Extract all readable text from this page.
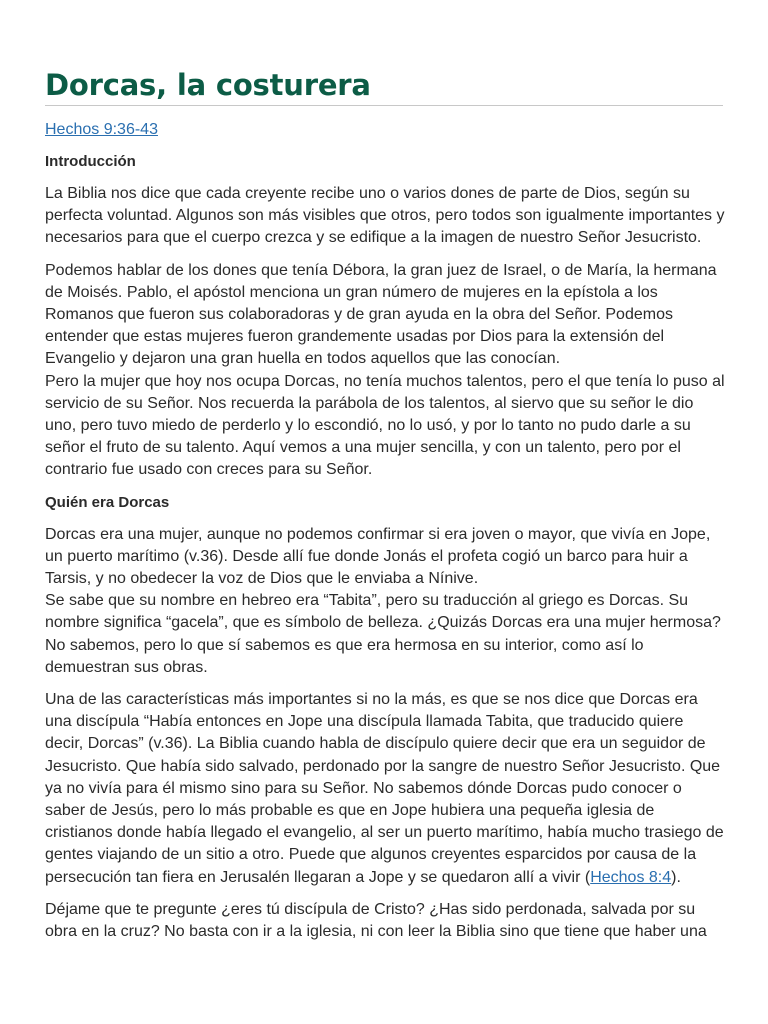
Dorcas, la costurera
Hechos 9:36-43
Introducción

La Biblia nos dice que cada creyente recibe uno o varios dones de parte de Dios, según su perfecta voluntad. Algunos son más visibles que otros, pero todos son igualmente importantes y necesarios para que el cuerpo crezca y se edifique a la imagen de nuestro Señor Jesucristo.

Podemos hablar de los dones que tenía Débora, la gran juez de Israel, o de María, la hermana de Moisés. Pablo, el apóstol menciona un gran número de mujeres en la epístola a los Romanos que fueron sus colaboradoras y de gran ayuda en la obra del Señor. Podemos entender que estas mujeres fueron grandemente usadas por Dios para la extensión del Evangelio y dejaron una gran huella en todos aquellos que las conocían.
Pero la mujer que hoy nos ocupa Dorcas, no tenía muchos talentos, pero el que tenía lo puso al servicio de su Señor. Nos recuerda la parábola de los talentos, al siervo que su señor le dio uno, pero tuvo miedo de perderlo y lo escondió, no lo usó, y por lo tanto no pudo darle a su señor el fruto de su talento. Aquí vemos a una mujer sencilla, y con un talento, pero por el contrario fue usado con creces para su Señor.

Quién era Dorcas

Dorcas era una mujer, aunque no podemos confirmar si era joven o mayor, que vivía en Jope, un puerto marítimo (v.36). Desde allí fue donde Jonás el profeta cogió un barco para huir a Tarsis, y no obedecer la voz de Dios que le enviaba a Nínive.
Se sabe que su nombre en hebreo era “Tabita”, pero su traducción al griego es Dorcas. Su nombre significa “gacela”, que es símbolo de belleza. ¿Quizás Dorcas era una mujer hermosa? No sabemos, pero lo que sí sabemos es que era hermosa en su interior, como así lo demuestran sus obras.

Una de las características más importantes si no la más, es que se nos dice que Dorcas era una discípula “Había entonces en Jope una discípula llamada Tabita, que traducido quiere decir, Dorcas” (v.36). La Biblia cuando habla de discípulo quiere decir que era un seguidor de Jesucristo. Que había sido salvado, perdonado por la sangre de nuestro Señor Jesucristo. Que ya no vivía para él mismo sino para su Señor. No sabemos dónde Dorcas pudo conocer o saber de Jesús, pero lo más probable es que en Jope hubiera una pequeña iglesia de cristianos donde había llegado el evangelio, al ser un puerto marítimo, había mucho trasiego de gentes viajando de un sitio a otro. Puede que algunos creyentes esparcidos por causa de la persecución tan fiera en Jerusalén llegaran a Jope y se quedaron allí a vivir (Hechos 8:4).

Déjame que te pregunte ¿eres tú discípula de Cristo? ¿Has sido perdonada, salvada por su obra en la cruz? No basta con ir a la iglesia, ni con leer la Biblia sino que tiene que haber una
